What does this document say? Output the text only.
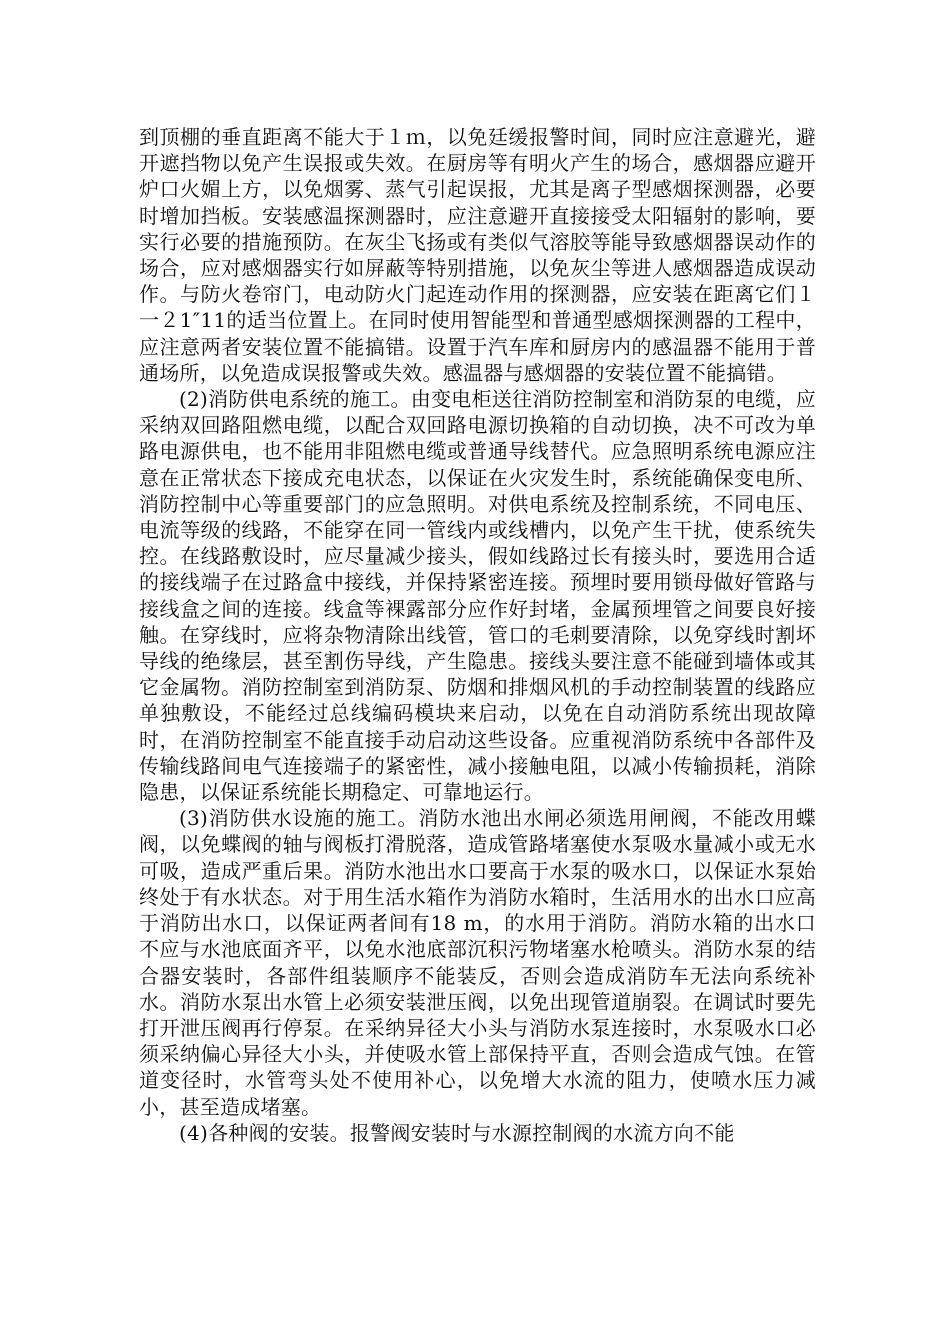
到顶棚的垂直距离不能大于１ｍ，以免廷缓报警时间，同时应注意避光，避开遮挡物以免产生误报或失效。在厨房等有明火产生的场合，感烟器应避开炉口火媚上方，以免烟雾、蒸气引起误报，尤其是离子型感烟探测器，必要时增加挡板。安装感温探测器时，应注意避开直接接受太阳辐射的影响，要实行必要的措施预防。在灰尘飞扬或有类似气溶胶等能导致感烟器误动作的场合，应对感烟器实行如屏蔽等特别措施，以免灰尘等进人感烟器造成误动作。与防火卷帘门，电动防火门起连动作用的探测器，应安装在距离它们１一２1″11的适当位置上。在同时使用智能型和普通型感烟探测器的工程中，应注意两者安装位置不能搞错。设置于汽车库和厨房内的感温器不能用于普通场所，以免造成误报警或失效。感温器与感烟器的安装位置不能搞错。

(2)消防供电系统的施工。由变电柜送往消防控制室和消防泵的电缆，应采纳双回路阻燃电缆，以配合双回路电源切换箱的自动切换，决不可改为单路电源供电，也不能用非阻燃电缆或普通导线替代。应急照明系统电源应注意在正常状态下接成充电状态，以保证在火灾发生时，系统能确保变电所、消防控制中心等重要部门的应急照明。对供电系统及控制系统，不同电压、电流等级的线路，不能穿在同一管线内或线槽内，以免产生干扰，使系统失控。在线路敷设时，应尽量减少接头，假如线路过长有接头时，要选用合适的接线端子在过路盒中接线，并保持紧密连接。预埋时要用锁母做好管路与接线盒之间的连接。线盒等裸露部分应作好封堵，金属预埋管之间要良好接触。在穿线时，应将杂物清除出线管，管口的毛刺要清除，以免穿线时割坏导线的绝缘层，甚至割伤导线，产生隐患。接线头要注意不能碰到墙体或其它金属物。消防控制室到消防泵、防烟和排烟风机的手动控制装置的线路应单独敷设，不能经过总线编码模块来启动，以免在自动消防系统出现故障时，在消防控制室不能直接手动启动这些设备。应重视消防系统中各部件及传输线路间电气连接端子的紧密性，减小接触电阻，以减小传输损耗，消除隐患，以保证系统能长期稳定、可靠地运行。

(3)消防供水设施的施工。消防水池出水闸必须选用闸阀，不能改用蝶阀，以免蝶阀的轴与阀板打滑脱落，造成管路堵塞使水泵吸水量减小或无水可吸，造成严重后果。消防水池出水口要高于水泵的吸水口，以保证水泵始终处于有水状态。对于用生活水箱作为消防水箱时，生活用水的出水口应高于消防出水口，以保证两者间有18 m，的水用于消防。消防水箱的出水口不应与水池底面齐平，以免水池底部沉积污物堵塞水枪喷头。消防水泵的结合器安装时，各部件组装顺序不能装反，否则会造成消防车无法向系统补水。消防水泵出水管上必须安装泄压阀，以免出现管道崩裂。在调试时要先打开泄压阀再行停泵。在采纳异径大小头与消防水泵连接时，水泵吸水口必须采纳偏心异径大小头，并使吸水管上部保持平直，否则会造成气蚀。在管道变径时，水管弯头处不使用补心，以免增大水流的阻力，使喷水压力减小，甚至造成堵塞。

(4)各种阀的安装。报警阀安装时与水源控制阀的水流方向不能
